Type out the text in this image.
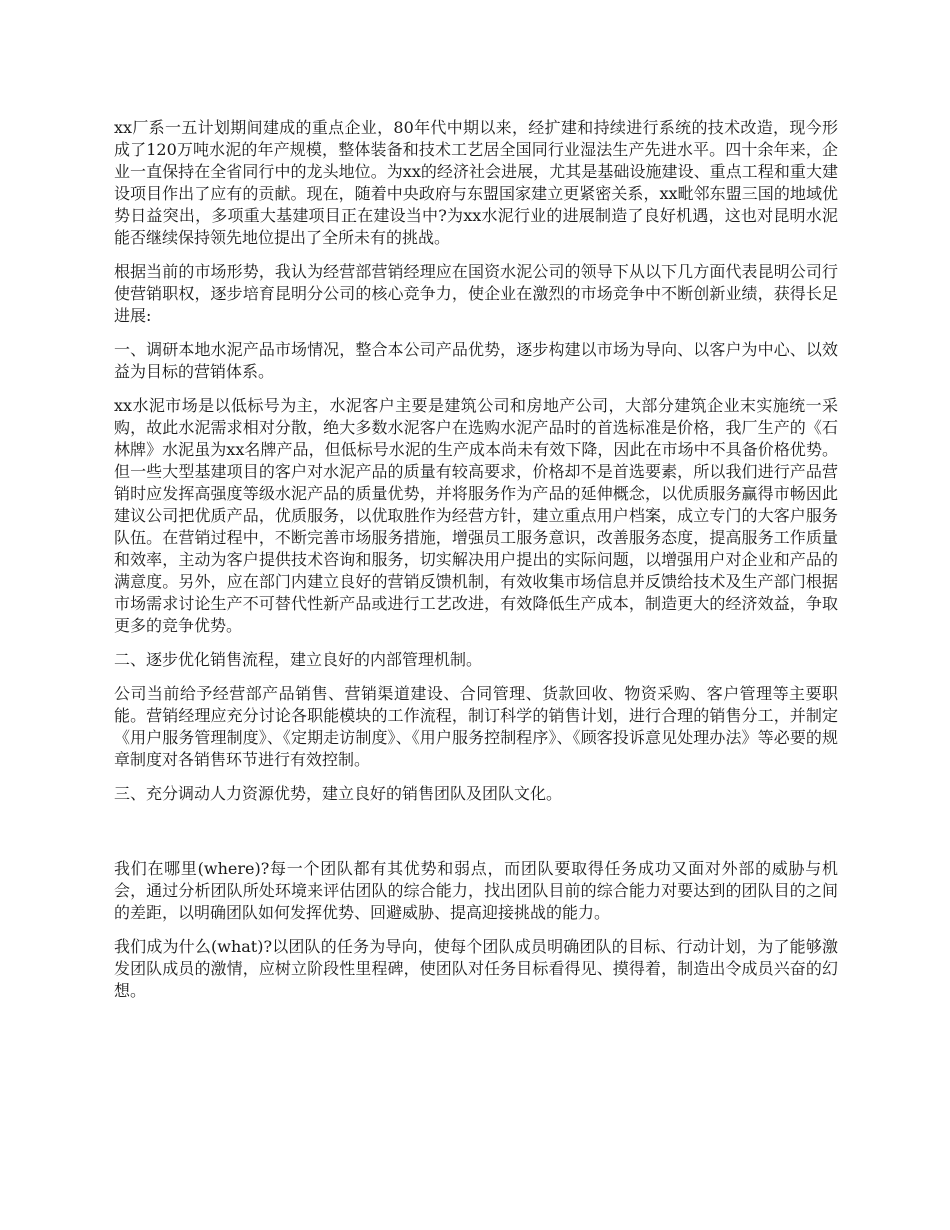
xx厂系一五计划期间建成的重点企业，80年代中期以来，经扩建和持续进行系统的技术改造，现今形成了120万吨水泥的年产规模，整体装备和技术工艺居全国同行业湿法生产先进水平。四十余年来，企业一直保持在全省同行中的龙头地位。为xx的经济社会进展，尤其是基础设施建设、重点工程和重大建设项目作出了应有的贡献。现在，随着中央政府与东盟国家建立更紧密关系，xx毗邻东盟三国的地域优势日益突出，多项重大基建项目正在建设当中?为xx水泥行业的进展制造了良好机遇，这也对昆明水泥能否继续保持领先地位提出了全所未有的挑战。

根据当前的市场形势，我认为经营部营销经理应在国资水泥公司的领导下从以下几方面代表昆明公司行使营销职权，逐步培育昆明分公司的核心竞争力，使企业在激烈的市场竞争中不断创新业绩，获得长足进展:

一、调研本地水泥产品市场情况，整合本公司产品优势，逐步构建以市场为导向、以客户为中心、以效益为目标的营销体系。

xx水泥市场是以低标号为主，水泥客户主要是建筑公司和房地产公司，大部分建筑企业末实施统一采购，故此水泥需求相对分散，绝大多数水泥客户在选购水泥产品时的首选标准是价格，我厂生产的《石林牌》水泥虽为xx名牌产品，但低标号水泥的生产成本尚未有效下降，因此在市场中不具备价格优势。但一些大型基建项目的客户对水泥产品的质量有较高要求，价格却不是首选要素，所以我们进行产品营销时应发挥高强度等级水泥产品的质量优势，并将服务作为产品的延伸概念，以优质服务赢得市畅因此建议公司把优质产品，优质服务，以优取胜作为经营方针，建立重点用户档案，成立专门的大客户服务队伍。在营销过程中，不断完善市场服务措施，增强员工服务意识，改善服务态度，提高服务工作质量和效率，主动为客户提供技术咨询和服务，切实解决用户提出的实际问题，以增强用户对企业和产品的满意度。另外，应在部门内建立良好的营销反馈机制，有效收集市场信息并反馈给技术及生产部门根据市场需求讨论生产不可替代性新产品或进行工艺改进，有效降低生产成本，制造更大的经济效益，争取更多的竞争优势。

二、逐步优化销售流程，建立良好的内部管理机制。

公司当前给予经营部产品销售、营销渠道建设、合同管理、货款回收、物资采购、客户管理等主要职能。营销经理应充分讨论各职能模块的工作流程，制订科学的销售计划，进行合理的销售分工，并制定《用户服务管理制度》、《定期走访制度》、《用户服务控制程序》、《顾客投诉意见处理办法》等必要的规章制度对各销售环节进行有效控制。

三、充分调动人力资源优势，建立良好的销售团队及团队文化。

我们在哪里(where)?每一个团队都有其优势和弱点，而团队要取得任务成功又面对外部的威胁与机会，通过分析团队所处环境来评估团队的综合能力，找出团队目前的综合能力对要达到的团队目的之间的差距，以明确团队如何发挥优势、回避威胁、提高迎接挑战的能力。

我们成为什么(what)?以团队的任务为导向，使每个团队成员明确团队的目标、行动计划，为了能够激发团队成员的激情，应树立阶段性里程碑，使团队对任务目标看得见、摸得着，制造出令成员兴奋的幻想。
